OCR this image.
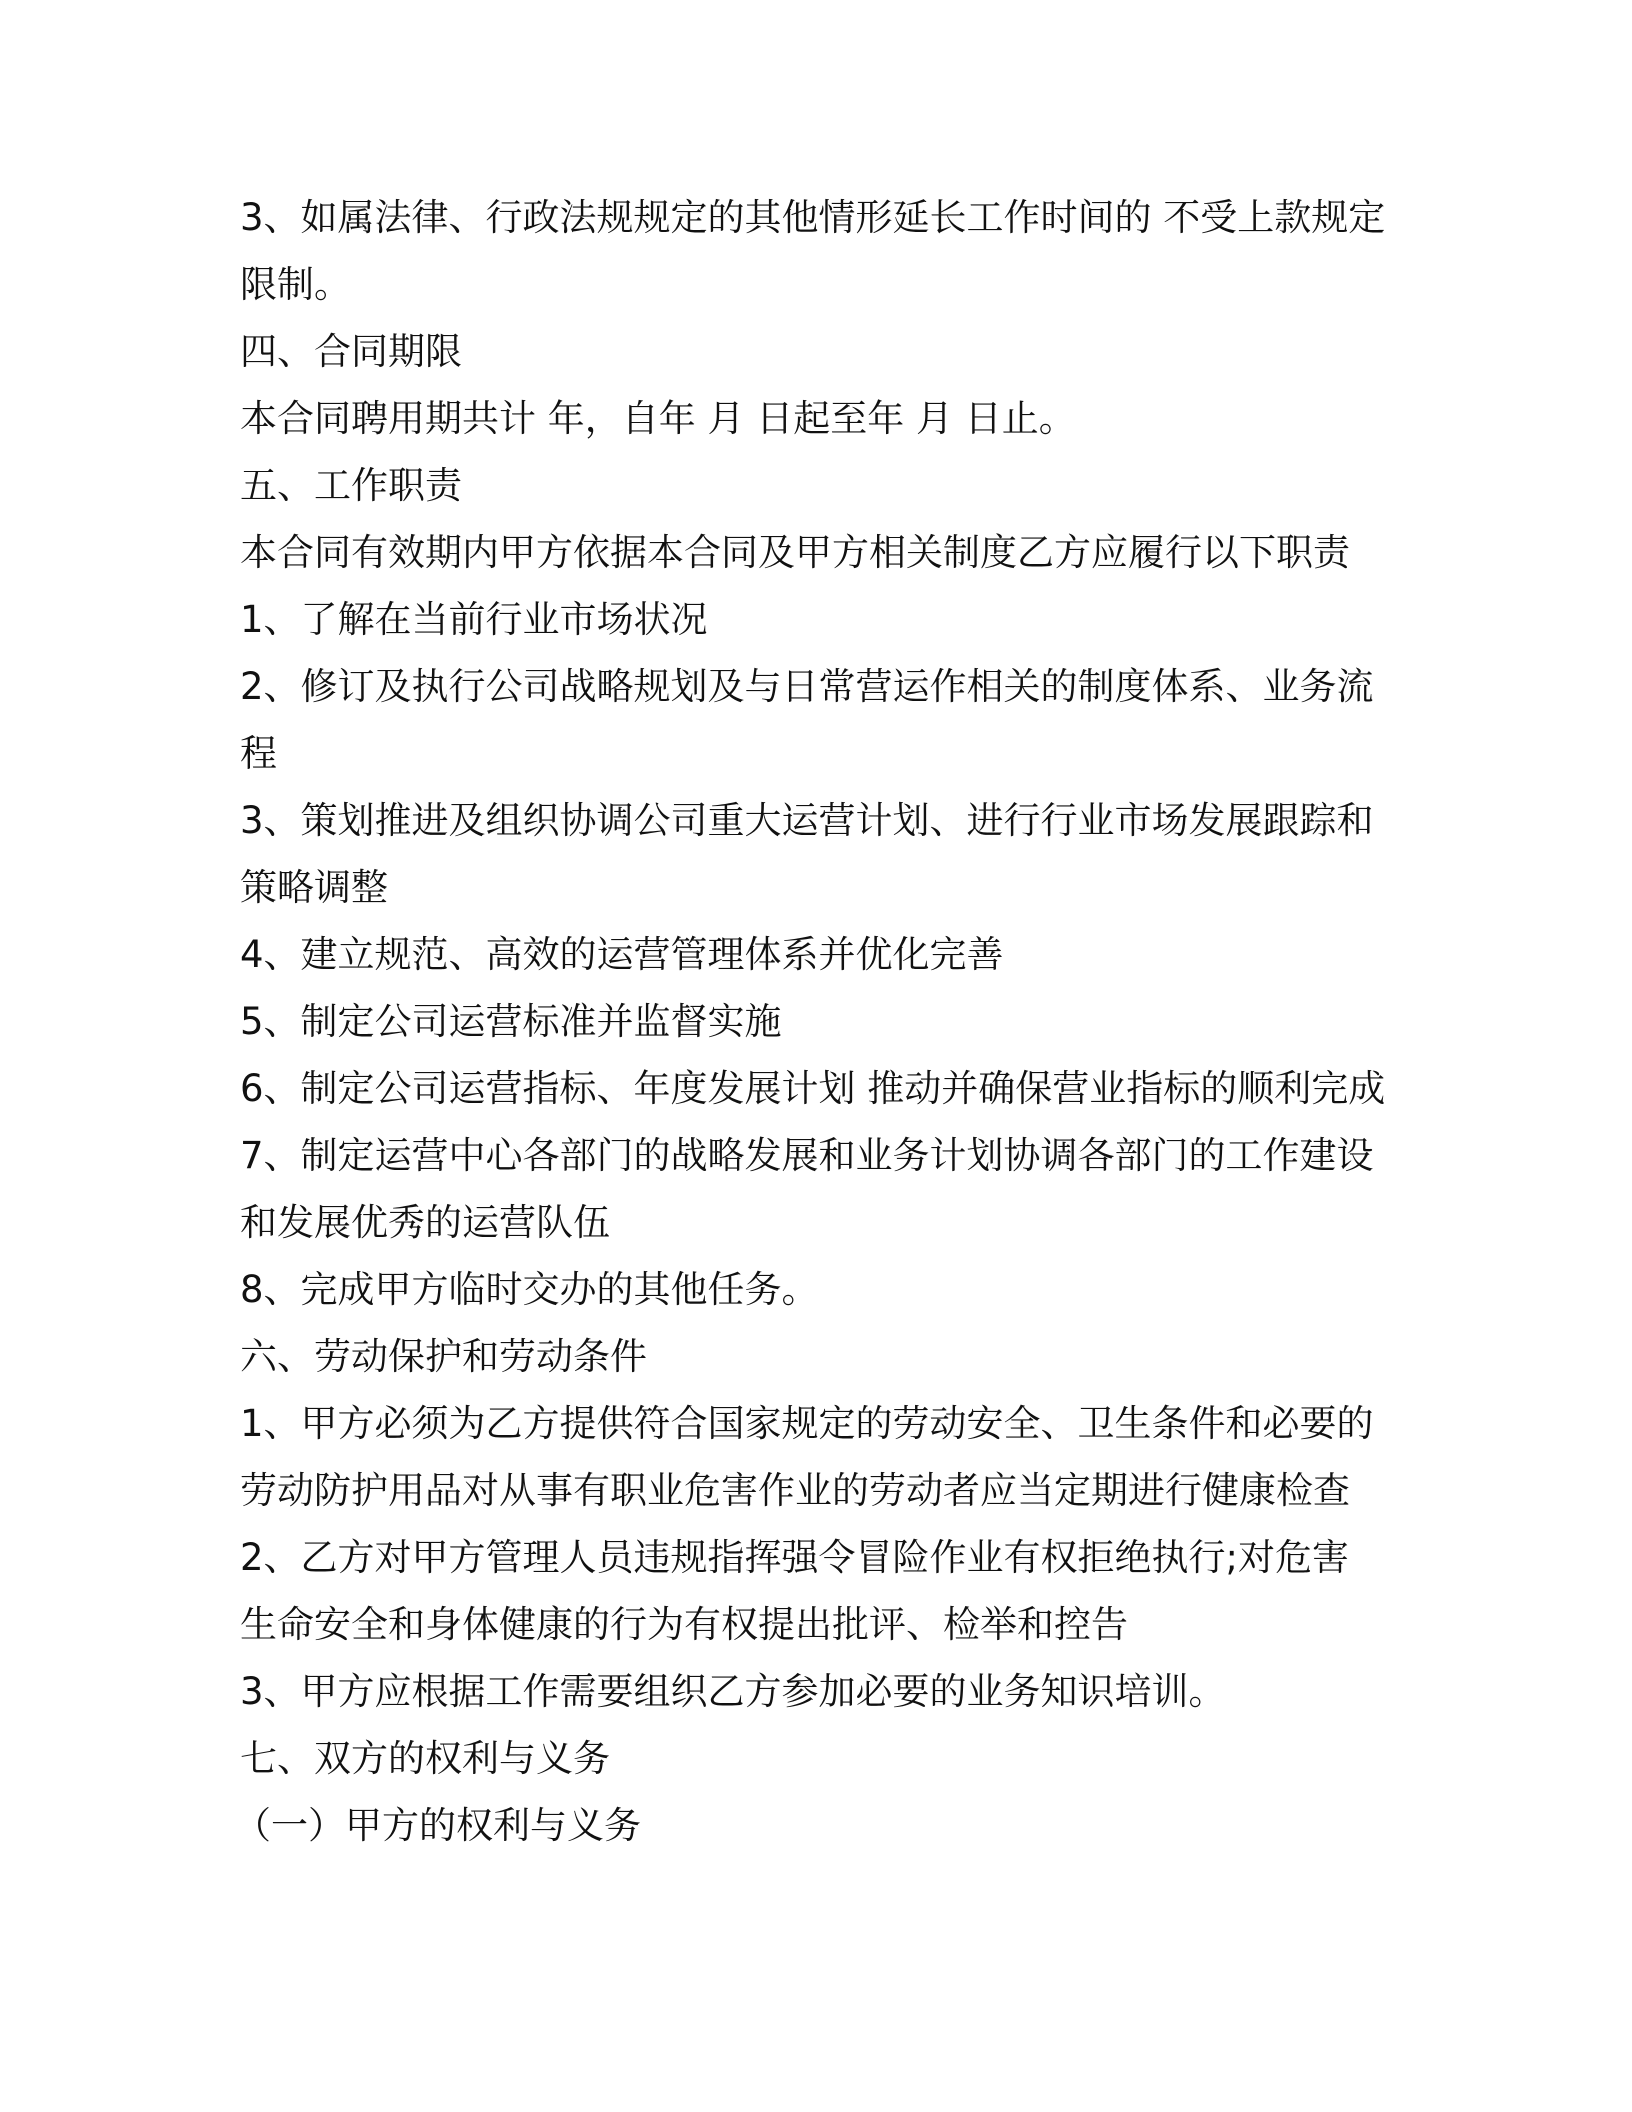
3、如属法律、行政法规规定的其他情形延长工作时间的 不受上款规定
限制。
四、合同期限
本合同聘用期共计 年，自年 月 日起至年 月 日止。
五、工作职责
本合同有效期内甲方依据本合同及甲方相关制度乙方应履行以下职责
1、了解在当前行业市场状况
2、修订及执行公司战略规划及与日常营运作相关的制度体系、业务流
程
3、策划推进及组织协调公司重大运营计划、进行行业市场发展跟踪和
策略调整
4、建立规范、高效的运营管理体系并优化完善
5、制定公司运营标准并监督实施
6、制定公司运营指标、年度发展计划 推动并确保营业指标的顺利完成
7、制定运营中心各部门的战略发展和业务计划协调各部门的工作建设
和发展优秀的运营队伍
8、完成甲方临时交办的其他任务。
六、劳动保护和劳动条件
1、甲方必须为乙方提供符合国家规定的劳动安全、卫生条件和必要的
劳动防护用品对从事有职业危害作业的劳动者应当定期进行健康检查
2、乙方对甲方管理人员违规指挥强令冒险作业有权拒绝执行;对危害
生命安全和身体健康的行为有权提出批评、检举和控告
3、甲方应根据工作需要组织乙方参加必要的业务知识培训。
七、双方的权利与义务
（一）甲方的权利与义务
